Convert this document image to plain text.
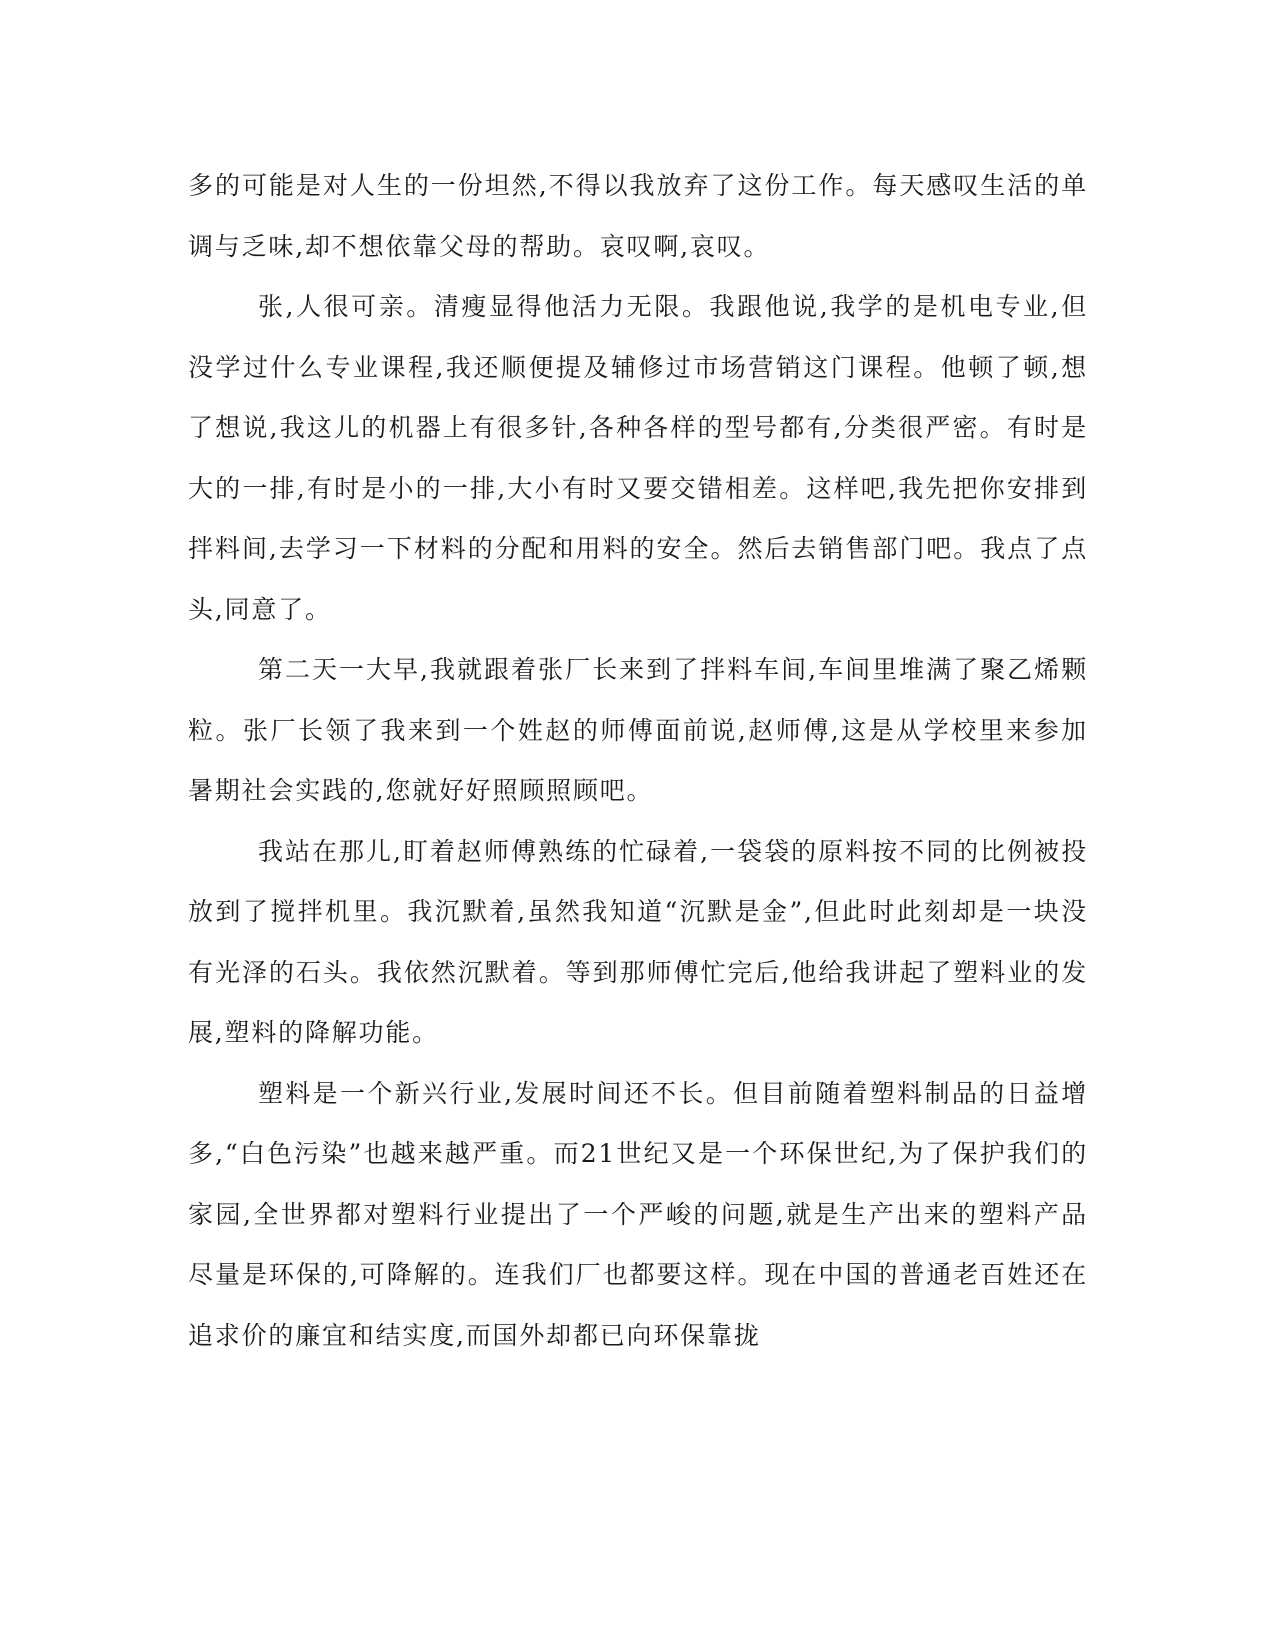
多的可能是对人生的一份坦然,不得以我放弃了这份工作。每天感叹生活的单调与乏味,却不想依靠父母的帮助。哀叹啊,哀叹。

张,人很可亲。清瘦显得他活力无限。我跟他说,我学的是机电专业,但没学过什么专业课程,我还顺便提及辅修过市场营销这门课程。他顿了顿,想了想说,我这儿的机器上有很多针,各种各样的型号都有,分类很严密。有时是大的一排,有时是小的一排,大小有时又要交错相差。这样吧,我先把你安排到拌料间,去学习一下材料的分配和用料的安全。然后去销售部门吧。我点了点头,同意了。

第二天一大早,我就跟着张厂长来到了拌料车间,车间里堆满了聚乙烯颗粒。张厂长领了我来到一个姓赵的师傅面前说,赵师傅,这是从学校里来参加暑期社会实践的,您就好好照顾照顾吧。

我站在那儿,盯着赵师傅熟练的忙碌着,一袋袋的原料按不同的比例被投放到了搅拌机里。我沉默着,虽然我知道“沉默是金”,但此时此刻却是一块没有光泽的石头。我依然沉默着。等到那师傅忙完后,他给我讲起了塑料业的发展,塑料的降解功能。

塑料是一个新兴行业,发展时间还不长。但目前随着塑料制品的日益增多,“白色污染”也越来越严重。而21世纪又是一个环保世纪,为了保护我们的家园,全世界都对塑料行业提出了一个严峻的问题,就是生产出来的塑料产品尽量是环保的,可降解的。连我们厂也都要这样。现在中国的普通老百姓还在追求价的廉宜和结实度,而国外却都已向环保靠拢
